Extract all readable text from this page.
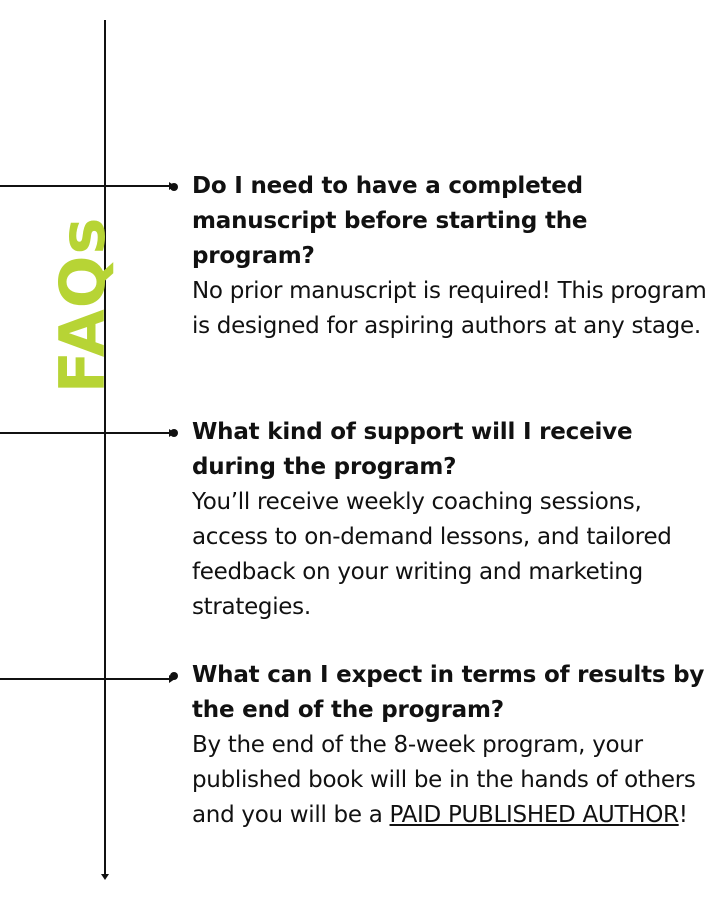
FAQs

Do I need to have a completed manuscript before starting the program?

No prior manuscript is required! This program is designed for aspiring authors at any stage.

What kind of support will I receive during the program?

You’ll receive weekly coaching sessions, access to on-demand lessons, and tailored feedback on your writing and marketing strategies.

What can I expect in terms of results by the end of the program?

By the end of the 8-week program, your published book will be in the hands of others and you will be a PAID PUBLISHED AUTHOR!
